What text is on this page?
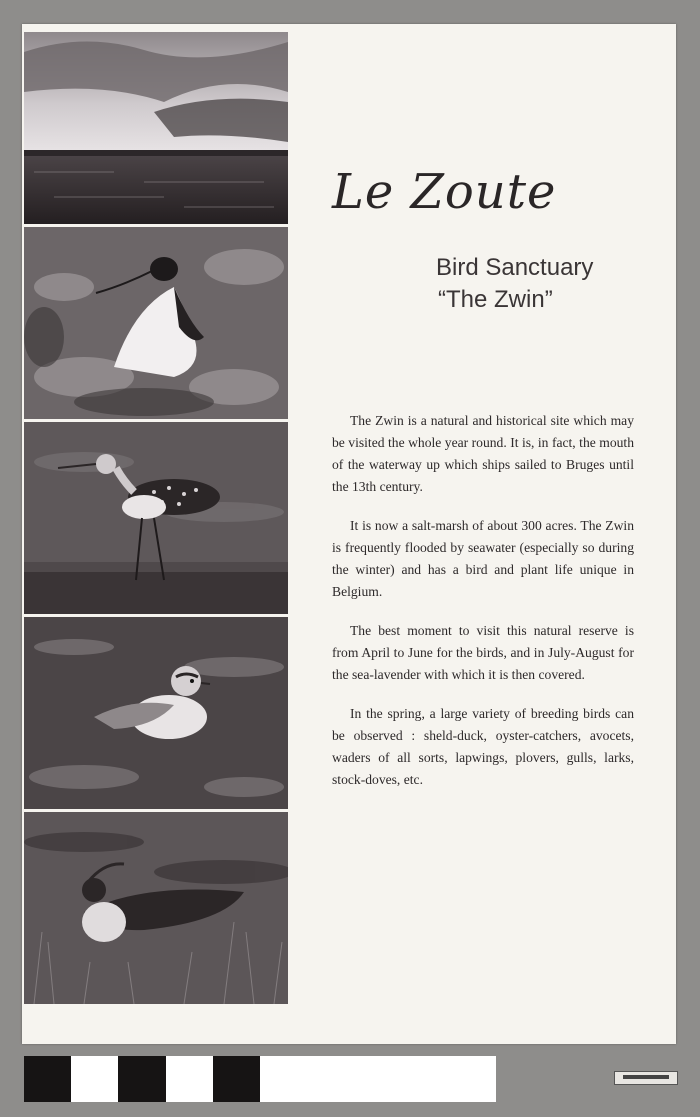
Le Zoute
Bird Sanctuary
“The Zwin”

The Zwin is a natural and historical site which may be visited the whole year round. It is, in fact, the mouth of the waterway up which ships sailed to Bruges until the 13th century.

It is now a salt-marsh of about 300 acres. The Zwin is frequently flooded by seawater (especially so during the winter) and has a bird and plant life unique in Belgium.

The best moment to visit this natural reserve is from April to June for the birds, and in July-August for the sea-lavender with which it is then covered.

In the spring, a large variety of breeding birds can be observed : sheld-duck, oyster-catchers, avocets, waders of all sorts, lapwings, plovers, gulls, larks, stock-doves, etc.
